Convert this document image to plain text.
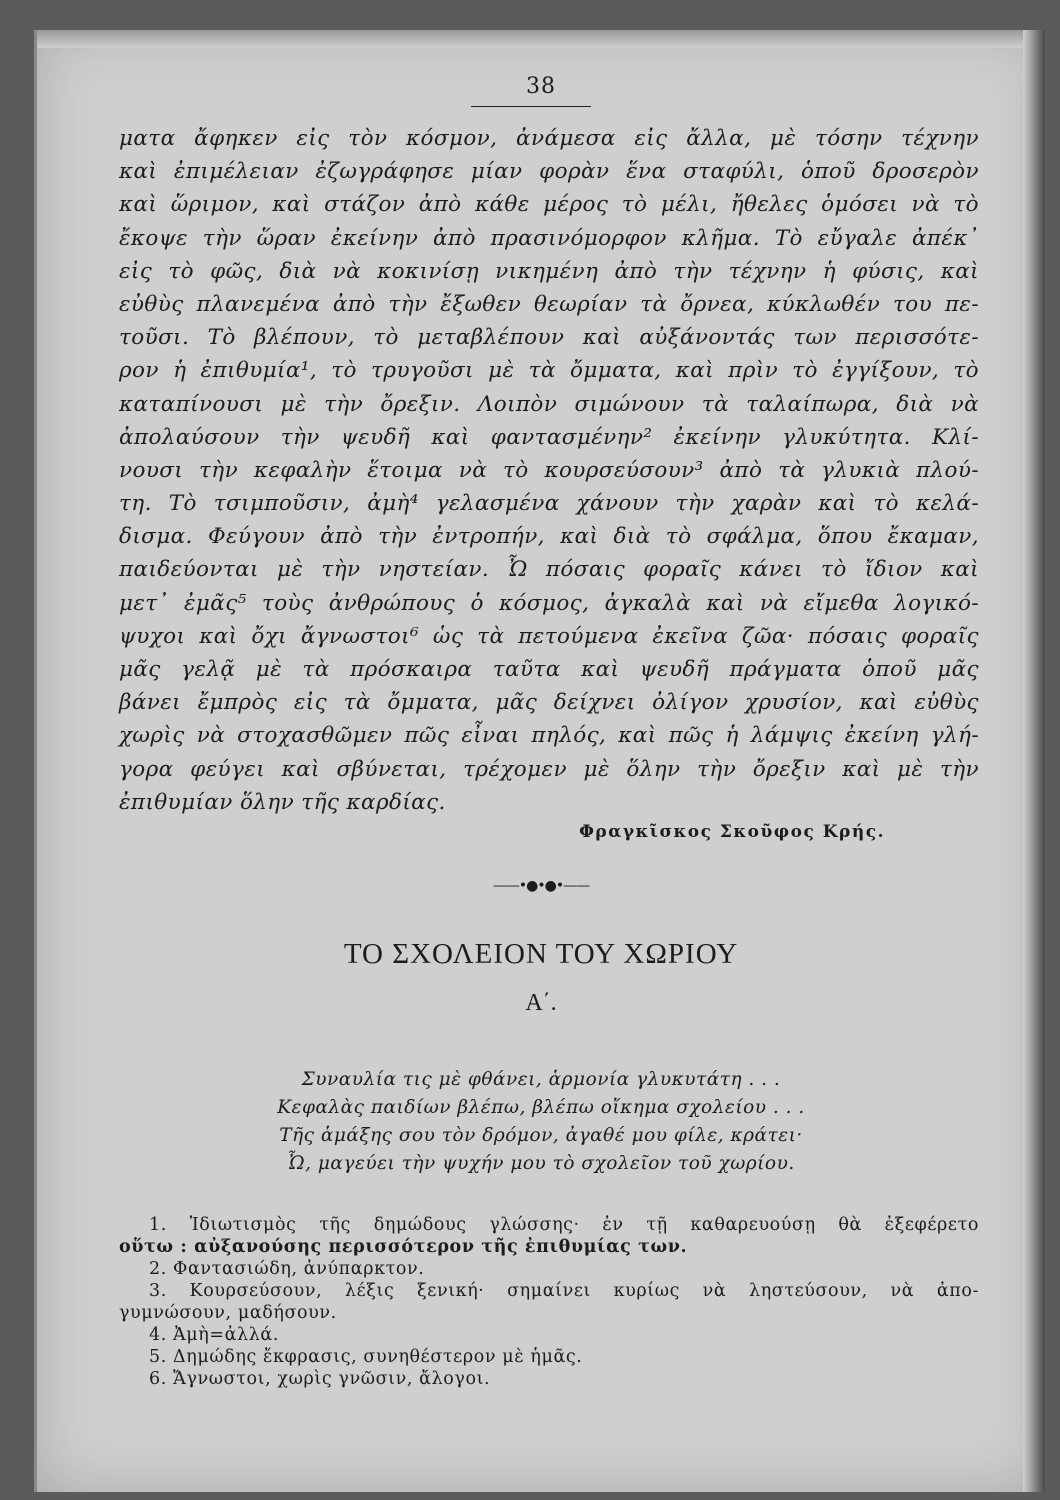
38
ματα ἄφηκεν εἰς τὸν κόσμον, ἀνάμεσα εἰς ἄλλα, μὲ τόσην τέχνην
καὶ ἐπιμέλειαν ἐζωγράφησε μίαν φορὰν ἕνα σταφύλι, ὁποῦ δροσερὸν
καὶ ὥριμον, καὶ στάζον ἀπὸ κάθε μέρος τὸ μέλι, ἤθελες ὁμόσει νὰ τὸ
ἔκοψε τὴν ὥραν ἐκείνην ἀπὸ πρασινόμορφον κλῆμα. Τὸ εὔγαλε ἀπέκ᾽
εἰς τὸ φῶς, διὰ νὰ κοκινίσῃ νικημένη ἀπὸ τὴν τέχνην ἡ φύσις, καὶ
εὐθὺς πλανεμένα ἀπὸ τὴν ἔξωθεν θεωρίαν τὰ ὄρνεα, κύκλωθέν του πε-
τοῦσι. Τὸ βλέπουν, τὸ μεταβλέπουν καὶ αὐξάνοντάς των περισσότε-
ρον ἡ ἐπιθυμία¹, τὸ τρυγοῦσι μὲ τὰ ὄμματα, καὶ πρὶν τὸ ἐγγίξουν, τὸ
καταπίνουσι μὲ τὴν ὄρεξιν. Λοιπὸν σιμώνουν τὰ ταλαίπωρα, διὰ νὰ
ἀπολαύσουν τὴν ψευδῆ καὶ φαντασμένην² ἐκείνην γλυκύτητα. Κλί-
νουσι τὴν κεφαλὴν ἕτοιμα νὰ τὸ κουρσεύσουν³ ἀπὸ τὰ γλυκιὰ πλού-
τη. Τὸ τσιμποῦσιν, ἀμὴ⁴ γελασμένα χάνουν τὴν χαρὰν καὶ τὸ κελά-
δισμα. Φεύγουν ἀπὸ τὴν ἐντροπήν, καὶ διὰ τὸ σφάλμα, ὅπου ἔκαμαν,
παιδεύονται μὲ τὴν νηστείαν. Ὦ πόσαις φοραῖς κάνει τὸ ἴδιον καὶ
μετ᾽ ἐμᾶς⁵ τοὺς ἀνθρώπους ὁ κόσμος, ἀγκαλὰ καὶ νὰ εἴμεθα λογικό-
ψυχοι καὶ ὄχι ἄγνωστοι⁶ ὡς τὰ πετούμενα ἐκεῖνα ζῶα· πόσαις φοραῖς
μᾶς γελᾷ μὲ τὰ πρόσκαιρα ταῦτα καὶ ψευδῆ πράγματα ὁποῦ μᾶς
βάνει ἔμπρὸς εἰς τὰ ὄμματα, μᾶς δείχνει ὀλίγον χρυσίον, καὶ εὐθὺς
χωρὶς νὰ στοχασθῶμεν πῶς εἶναι πηλός, καὶ πῶς ἡ λάμψις ἐκείνη γλή-
γορα φεύγει καὶ σβύνεται, τρέχομεν μὲ ὅλην τὴν ὄρεξιν καὶ μὲ τὴν
ἐπιθυμίαν ὅλην τῆς καρδίας.
Φραγκῖσκος Σκοῦφος Κρής.
——•●•●•——
ΤΟ ΣΧΟΛΕΙΟΝ ΤΟΥ ΧΩΡΙΟΥ
Α΄.
Συναυλία τις μὲ φθάνει, ἁρμονία γλυκυτάτη . . .
Κεφαλὰς παιδίων βλέπω, βλέπω οἴκημα σχολείου . . .
Τῆς ἁμάξης σου τὸν δρόμον, ἀγαθέ μου φίλε, κράτει·
Ὦ, μαγεύει τὴν ψυχήν μου τὸ σχολεῖον τοῦ χωρίου.
1. Ἰδιωτισμὸς τῆς δημώδους γλώσσης· ἐν τῇ καθαρευούσῃ θὰ ἐξεφέρετο
οὕτω : αὐξανούσης περισσότερον τῆς ἐπιθυμίας των.
2. Φαντασιώδη, ἀνύπαρκτον.
3. Κουρσεύσουν, λέξις ξενική· σημαίνει κυρίως νὰ ληστεύσουν, νὰ ἀπο-
γυμνώσουν, μαδήσουν.
4. Ἀμὴ=ἀλλά.
5. Δημώδης ἔκφρασις, συνηθέστερον μὲ ἡμᾶς.
6. Ἄγνωστοι, χωρὶς γνῶσιν, ἄλογοι.
